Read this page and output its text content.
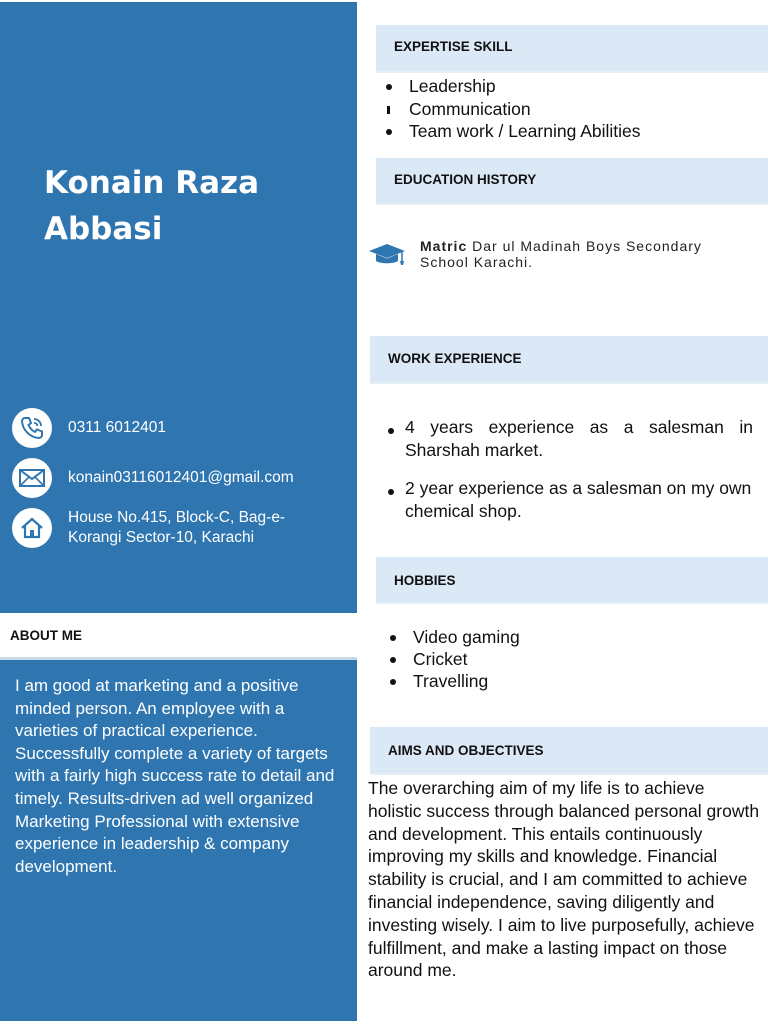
Konain Raza
Abbasi
0311 6012401
konain03116012401@gmail.com
House No.415, Block-C, Bag-e-
Korangi Sector-10, Karachi
ABOUT ME
I am good at marketing and a positive minded person. An employee with a varieties of practical experience. Successfully complete a variety of targets with a fairly high success rate to detail and timely. Results-driven ad well organized Marketing Professional with extensive experience in leadership & company development.
EXPERTISE SKILL
Leadership
Communication
Team work / Learning Abilities
EDUCATION HISTORY
Matric Dar ul Madinah Boys Secondary School Karachi.
WORK EXPERIENCE
4 years experience as a salesman in Sharshah market.
2 year experience as a salesman on my own chemical shop.
HOBBIES
Video gaming
Cricket
Travelling
AIMS AND OBJECTIVES
The overarching aim of my life is to achieve holistic success through balanced personal growth and development. This entails continuously improving my skills and knowledge. Financial stability is crucial, and I am committed to achieve financial independence, saving diligently and investing wisely. I aim to live purposefully, achieve fulfillment, and make a lasting impact on those around me.
